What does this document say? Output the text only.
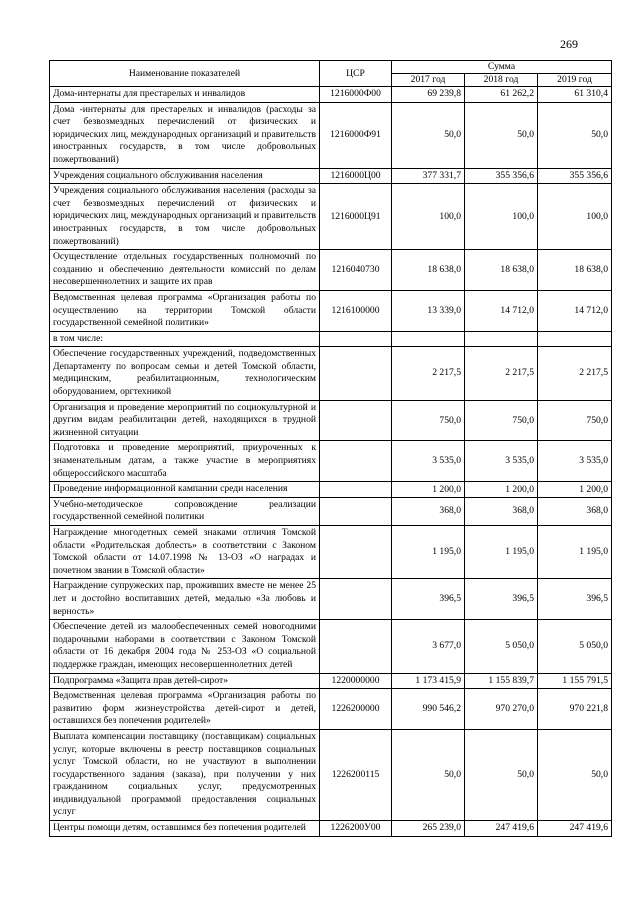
269
Наименование показателей	ЦСР	Сумма		
		2017 год	2018 год	2019 год
Дома-интернаты для престарелых и инвалидов	1216000Ф00	69 239,8	61 262,2	61 310,4
Дома -интернаты для престарелых и инвалидов (расходы за счет безвозмездных перечислений от физических и юридических лиц, международных организаций и правительств иностранных государств, в том числе добровольных пожертвований)	1216000Ф91	50,0	50,0	50,0
Учреждения социального обслуживания населения	1216000Ц00	377 331,7	355 356,6	355 356,6
Учреждения социального обслуживания населения (расходы за счет безвозмездных перечислений от физических и юридических лиц, международных организаций и правительств иностранных государств, в том числе добровольных пожертвований)	1216000Ц91	100,0	100,0	100,0
Осуществление отдельных государственных полномочий по созданию и обеспечению деятельности комиссий по делам несовершеннолетних и защите их прав	1216040730	18 638,0	18 638,0	18 638,0
Ведомственная целевая программа «Организация работы по осуществлению на территории Томской области государственной семейной политики»	1216100000	13 339,0	14 712,0	14 712,0
в том числе:				
Обеспечение государственных учреждений, подведомственных Департаменту по вопросам семьи и детей Томской области, медицинским, реабилитационным, технологическим оборудованием, оргтехникой		2 217,5	2 217,5	2 217,5
Организация и проведение мероприятий по социокультурной и другим видам реабилитации детей, находящихся в трудной жизненной ситуации		750,0	750,0	750,0
Подготовка и проведение мероприятий, приуроченных к знаменательным датам, а также участие в мероприятиях общероссийского масштаба		3 535,0	3 535,0	3 535,0
Проведение информационной кампании среди населения		1 200,0	1 200,0	1 200,0
Учебно-методическое сопровождение реализации государственной семейной политики		368,0	368,0	368,0
Награждение многодетных семей знаками отличия Томской области «Родительская доблесть» в соответствии с Законом Томской области от 14.07.1998 № 13-ОЗ «О наградах и почетном звании в Томской области»		1 195,0	1 195,0	1 195,0
Награждение супружеских пар, проживших вместе не менее 25 лет и достойно воспитавших детей, медалью «За любовь и верность»		396,5	396,5	396,5
Обеспечение детей из малообеспеченных семей новогодними подарочными наборами в соответствии с Законом Томской области от 16 декабря 2004 года № 253-ОЗ «О социальной поддержке граждан, имеющих несовершеннолетних детей		3 677,0	5 050,0	5 050,0
Подпрограмма «Защита прав детей-сирот»	1220000000	1 173 415,9	1 155 839,7	1 155 791,5
Ведомственная целевая программа «Организация работы по развитию форм жизнеустройства детей-сирот и детей, оставшихся без попечения родителей»	1226200000	990 546,2	970 270,0	970 221,8
Выплата компенсации поставщику (поставщикам) социальных услуг, которые включены в реестр поставщиков социальных услуг Томской области, но не участвуют в выполнении государственного задания (заказа), при получении у них гражданином социальных услуг, предусмотренных индивидуальной программой предоставления социальных услуг	1226200115	50,0	50,0	50,0
Центры помощи детям, оставшимся без попечения родителей	1226200У00	265 239,0	247 419,6	247 419,6
